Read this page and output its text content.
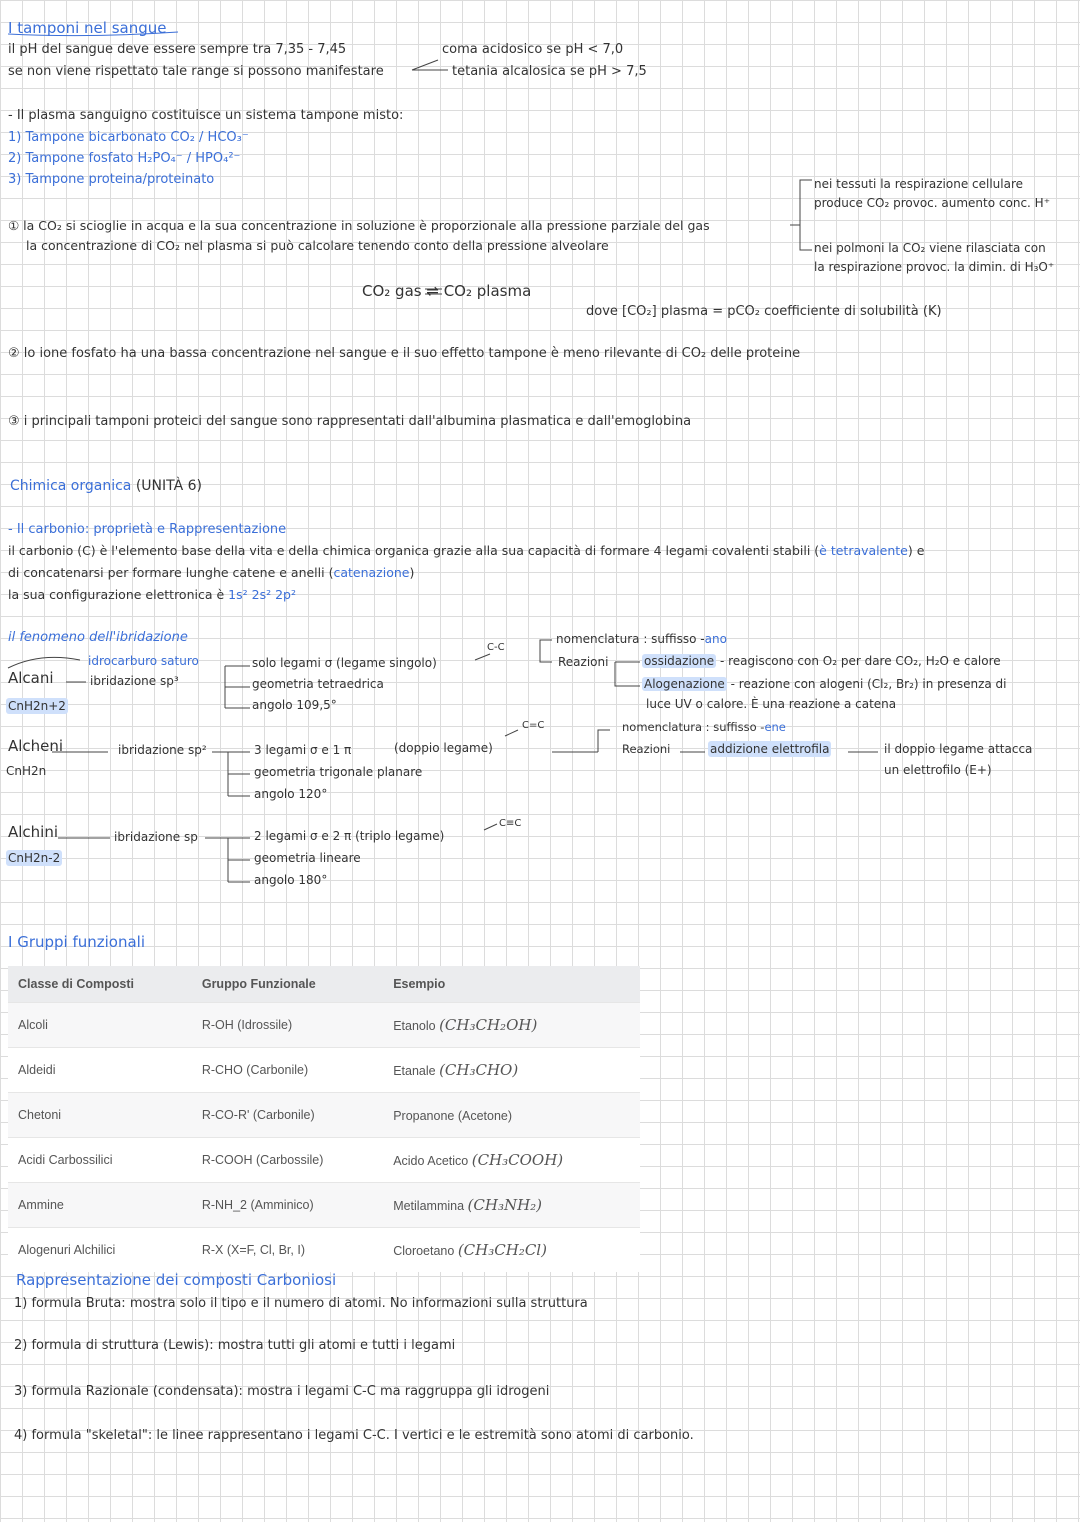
I tamponi nel sangue
il pH del sangue deve essere sempre tra 7,35 - 7,45
se non viene rispettato tale range si possono manifestare
coma acidosico se pH < 7,0
tetania alcalosica se pH > 7,5
- Il plasma sanguigno costituisce un sistema tampone misto:
1) Tampone bicarbonato CO₂ / HCO₃⁻
2) Tampone fosfato H₂PO₄⁻ / HPO₄²⁻
3) Tampone proteina/proteinato
① la CO₂ si scioglie in acqua e la sua concentrazione in soluzione è proporzionale alla pressione parziale del gas
la concentrazione di CO₂ nel plasma si può calcolare tenendo conto della pressione alveolare
nei tessuti la respirazione cellulare
produce CO₂ provoc. aumento conc. H⁺
nei polmoni la CO₂ viene rilasciata con
la respirazione provoc. la dimin. di H₃O⁺
CO₂ gas ⇌ CO₂ plasma
dove [CO₂] plasma = pCO₂ coefficiente di solubilità (K)
② lo ione fosfato ha una bassa concentrazione nel sangue e il suo effetto tampone è meno rilevante di CO₂ delle proteine
③ i principali tamponi proteici del sangue sono rappresentati dall'albumina plasmatica e dall'emoglobina
Chimica organica (UNITÀ 6)
- Il carbonio: proprietà e Rappresentazione
il carbonio (C) è l'elemento base della vita e della chimica organica grazie alla sua capacità di formare 4 legami covalenti stabili (è tetravalente) e
di concatenarsi per formare lunghe catene e anelli (catenazione)
la sua configurazione elettronica è 1s² 2s² 2p²
il fenomeno dell'ibridazione
Alcani
CnH2n+2
idrocarburo saturo
ibridazione sp³
solo legami σ (legame singolo)
geometria tetraedrica
angolo 109,5°
C-C
nomenclatura : suffisso -ano
Reazioni	ossidazione - reagiscono con O₂ per dare CO₂, H₂O e calore
Alogenazione - reazione con alogeni (Cl₂, Br₂) in presenza di
luce UV o calore. È una reazione a catena
Alcheni
CnH2n
ibridazione sp²	3 legami σ e 1 π	(doppio legame)
geometria trigonale planare
angolo 120°
C=C	nomenclatura : suffisso -ene
Reazioni	addizione elettrofila	il doppio legame attacca
un elettrofilo (E+)
Alchini
CnH2n-2
ibridazione sp	2 legami σ e 2 π (triplo legame)
geometria lineare
angolo 180°
C≡C
I Gruppi funzionali
Classe di Composti	Gruppo Funzionale	Esempio
Alcoli	R-OH (Idrossile)	Etanolo (CH₃CH₂OH)
Aldeidi	R-CHO (Carbonile)	Etanale (CH₃CHO)
Chetoni	R-CO-R' (Carbonile)	Propanone (Acetone)
Acidi Carbossilici	R-COOH (Carbossile)	Acido Acetico (CH₃COOH)
Ammine	R-NH_2 (Amminico)	Metilammina (CH₃NH₂)
Alogenuri Alchilici	R-X (X=F, Cl, Br, I)	Cloroetano (CH₃CH₂Cl)
Rappresentazione dei composti Carboniosi
1) formula Bruta: mostra solo il tipo e il numero di atomi. No informazioni sulla struttura
2) formula di struttura (Lewis): mostra tutti gli atomi e tutti i legami
3) formula Razionale (condensata): mostra i legami C-C ma raggruppa gli idrogeni
4) formula "skeletal": le linee rappresentano i legami C-C. I vertici e le estremità sono atomi di carbonio.
